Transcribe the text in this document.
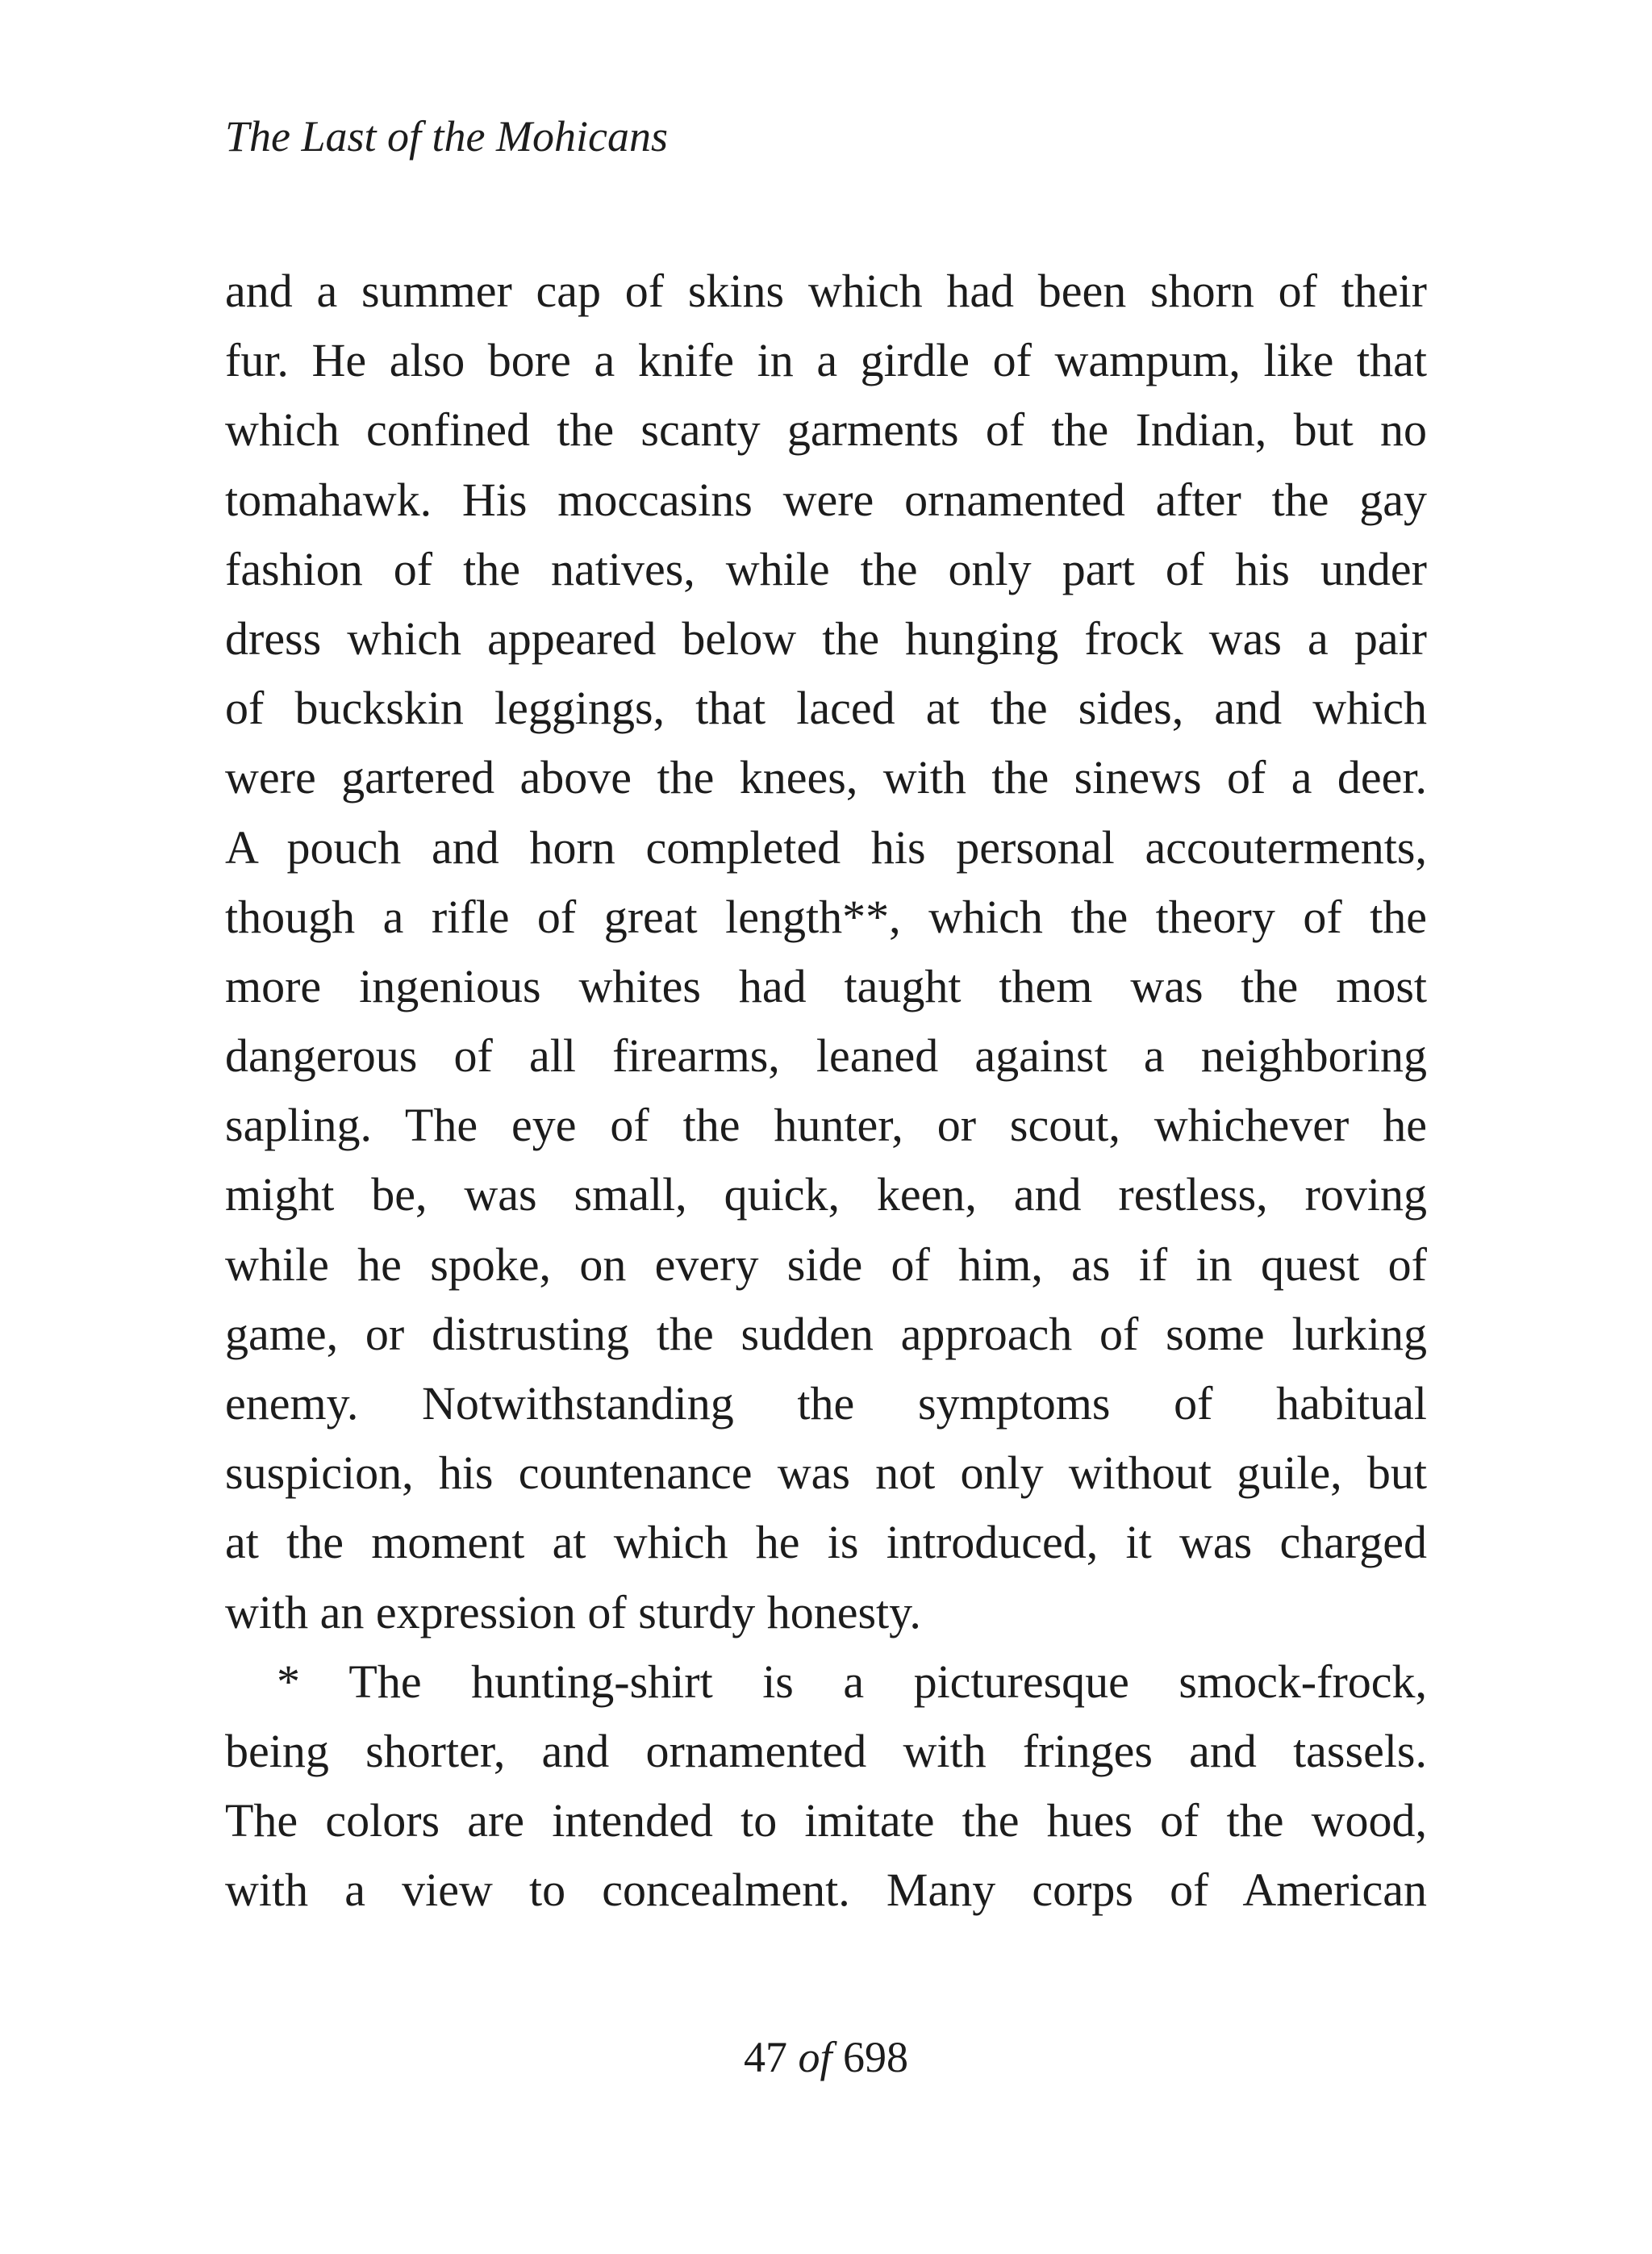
The Last of the Mohicans
and a summer cap of skins which had been shorn of their
fur. He also bore a knife in a girdle of wampum, like that
which confined the scanty garments of the Indian, but no
tomahawk. His moccasins were ornamented after the gay
fashion of the natives, while the only part of his under
dress which appeared below the hunging frock was a pair
of buckskin leggings, that laced at the sides, and which
were gartered above the knees, with the sinews of a deer.
A pouch and horn completed his personal accouterments,
though a rifle of great length**, which the theory of the
more ingenious whites had taught them was the most
dangerous of all firearms, leaned against a neighboring
sapling. The eye of the hunter, or scout, whichever he
might be, was small, quick, keen, and restless, roving
while he spoke, on every side of him, as if in quest of
game, or distrusting the sudden approach of some lurking
enemy. Notwithstanding the symptoms of habitual
suspicion, his countenance was not only without guile, but
at the moment at which he is introduced, it was charged
with an expression of sturdy honesty.
* The hunting-shirt is a picturesque smock-frock,
being shorter, and ornamented with fringes and tassels.
The colors are intended to imitate the hues of the wood,
with a view to concealment. Many corps of American
47 of 698
